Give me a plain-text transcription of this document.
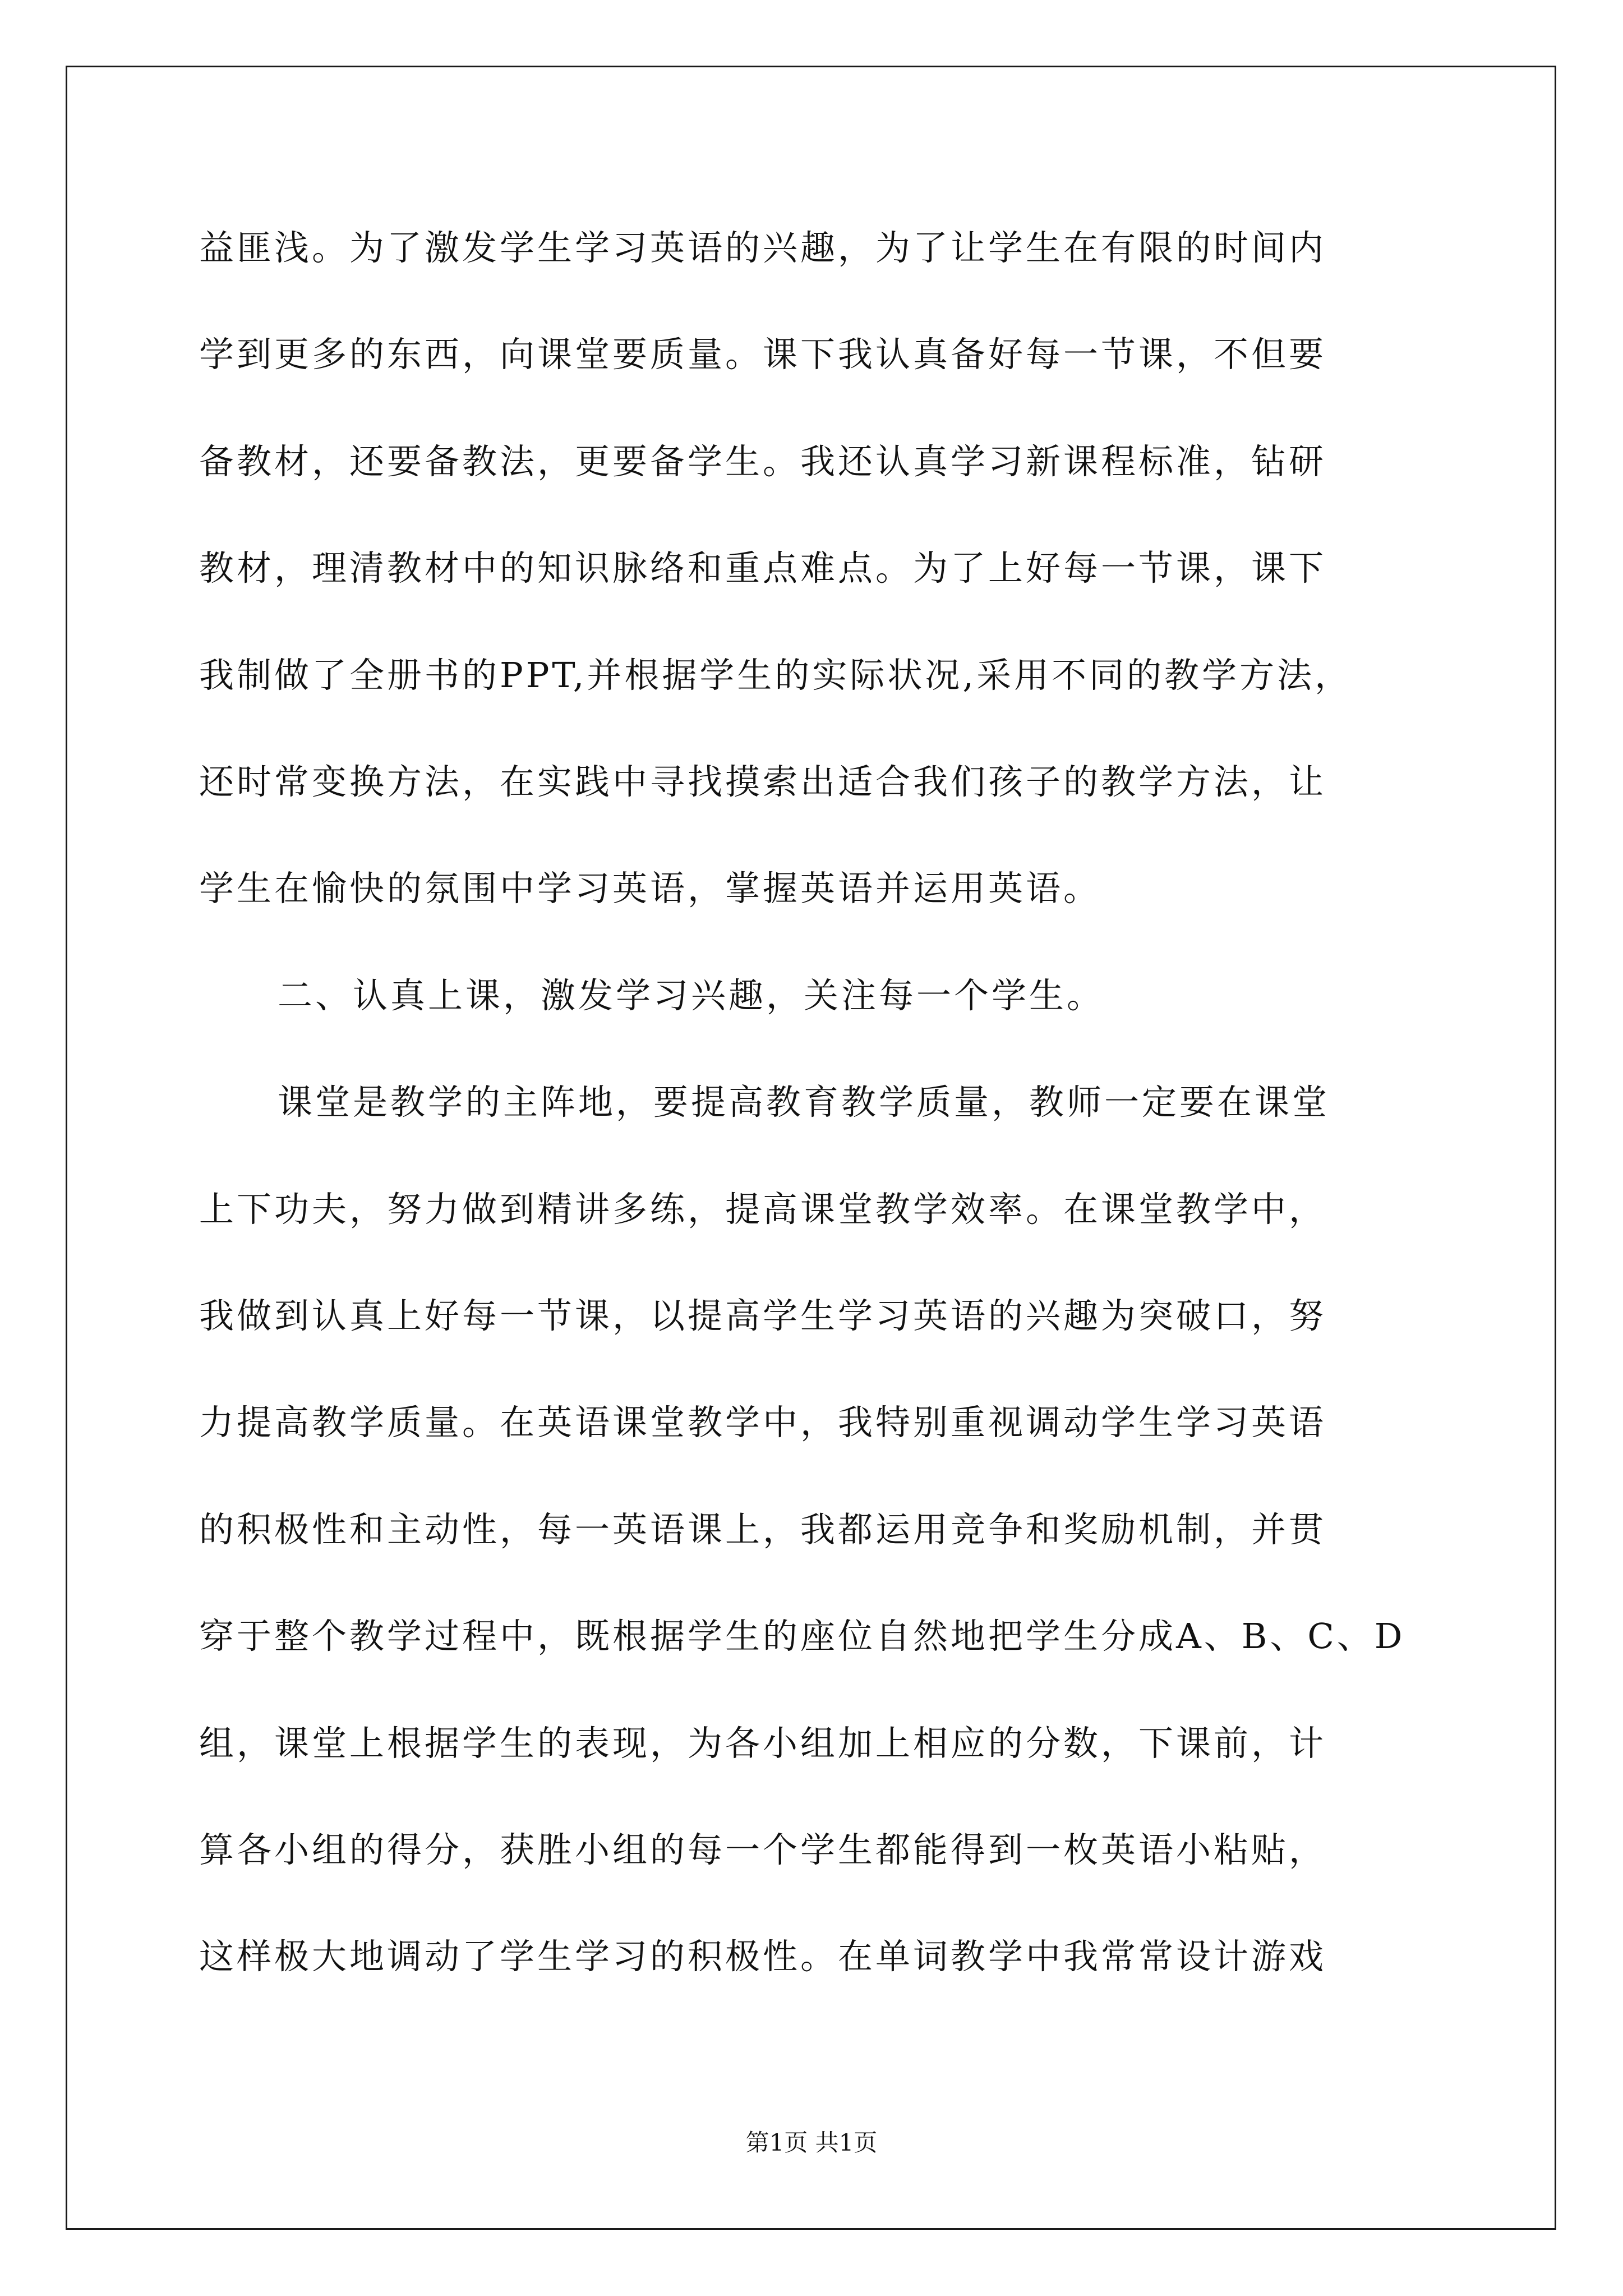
益匪浅。为了激发学生学习英语的兴趣，为了让学生在有限的时间内
学到更多的东西，向课堂要质量。课下我认真备好每一节课，不但要
备教材，还要备教法，更要备学生。我还认真学习新课程标准，钻研
教材，理清教材中的知识脉络和重点难点。为了上好每一节课，课下
我制做了全册书的PPT,并根据学生的实际状况,采用不同的教学方法，
还时常变换方法，在实践中寻找摸索出适合我们孩子的教学方法，让
学生在愉快的氛围中学习英语，掌握英语并运用英语。
二、认真上课，激发学习兴趣，关注每一个学生。
课堂是教学的主阵地，要提高教育教学质量，教师一定要在课堂
上下功夫，努力做到精讲多练，提高课堂教学效率。在课堂教学中，
我做到认真上好每一节课，以提高学生学习英语的兴趣为突破口，努
力提高教学质量。在英语课堂教学中，我特别重视调动学生学习英语
的积极性和主动性，每一英语课上，我都运用竞争和奖励机制，并贯
穿于整个教学过程中，既根据学生的座位自然地把学生分成A、B、C、D
组，课堂上根据学生的表现，为各小组加上相应的分数，下课前，计
算各小组的得分，获胜小组的每一个学生都能得到一枚英语小粘贴，
这样极大地调动了学生学习的积极性。在单词教学中我常常设计游戏
第1页 共1页
